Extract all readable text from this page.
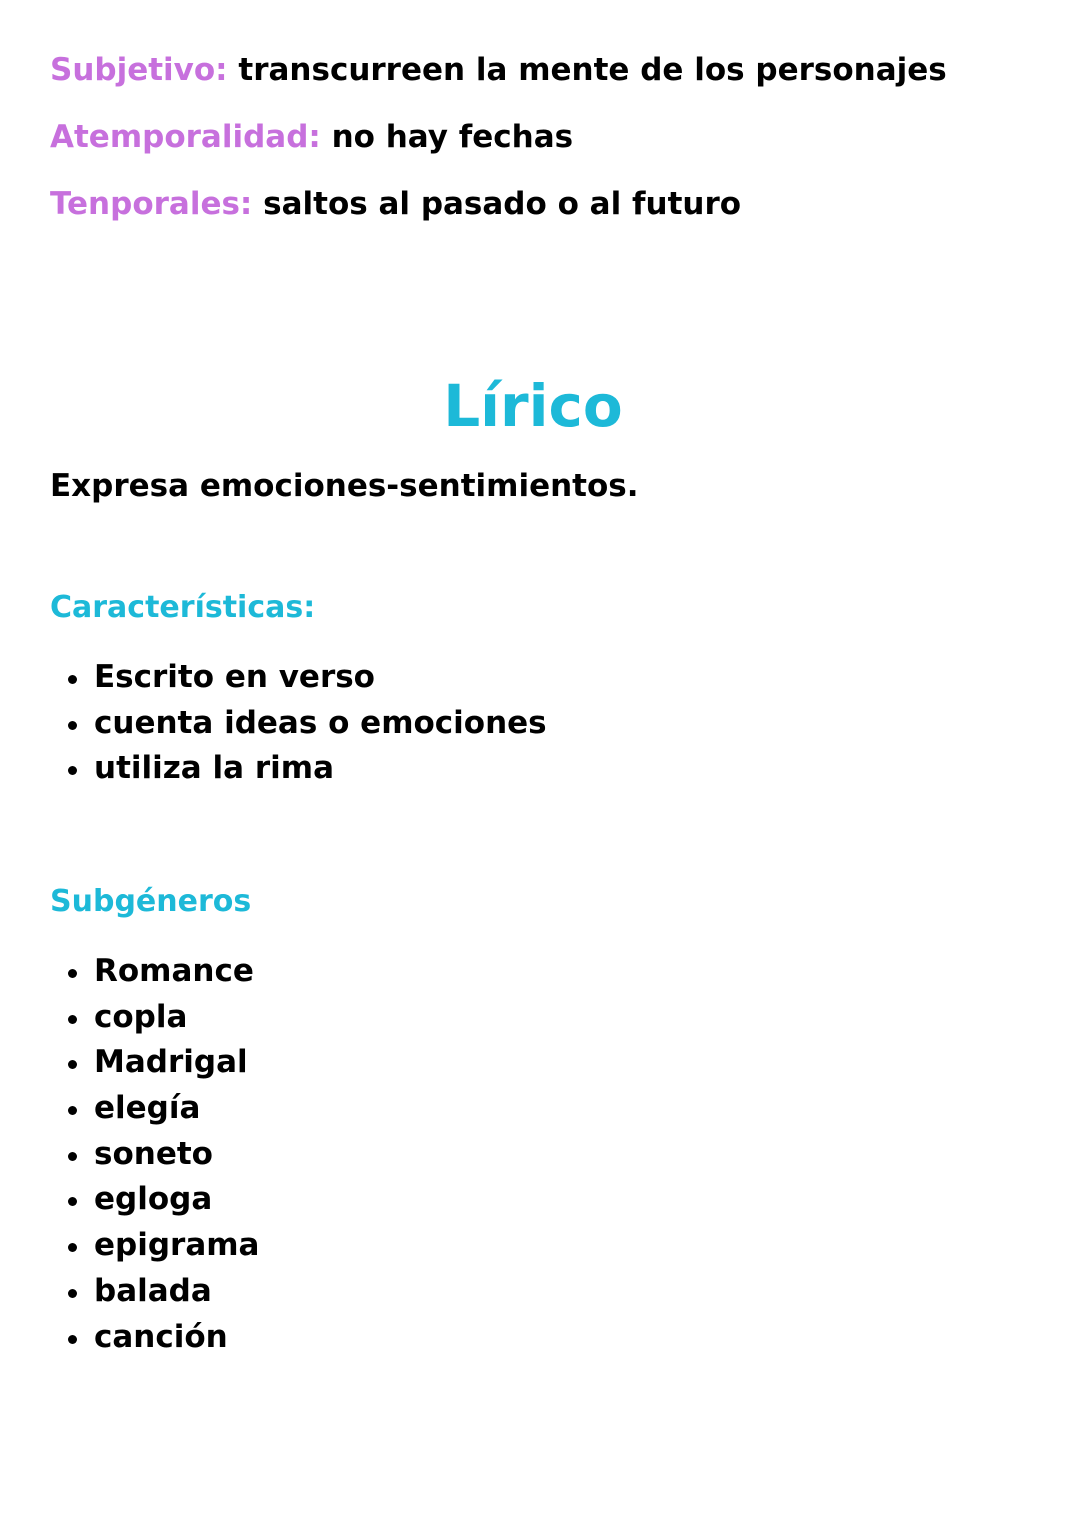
Subjetivo: transcurreen la mente de los personajes
Atemporalidad: no hay fechas
Tenporales: saltos al pasado o al futuro
Lírico
Expresa emociones-sentimientos.
Características:
Escrito en verso
cuenta ideas o emociones
utiliza la rima
Subgéneros
Romance
copla
Madrigal
elegía
soneto
egloga
epigrama
balada
canción
